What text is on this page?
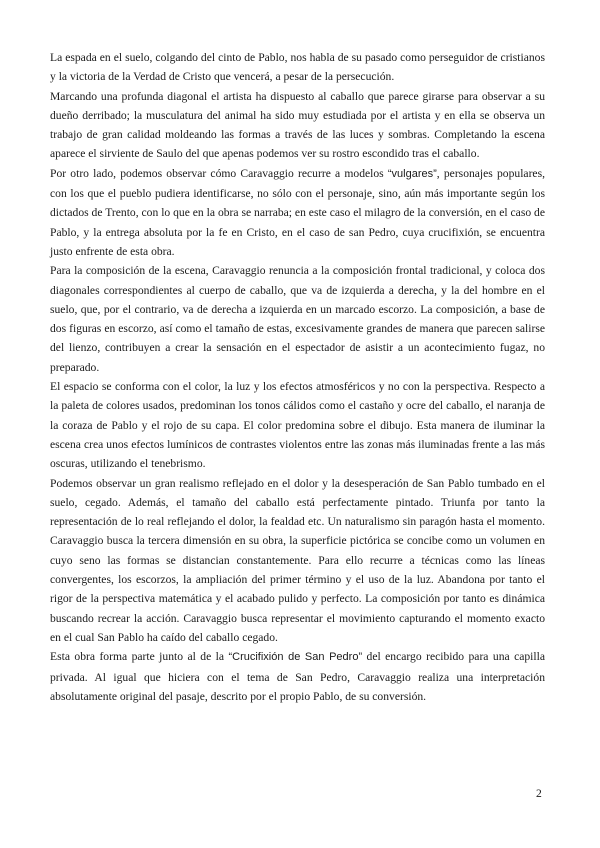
La espada en el suelo, colgando del cinto de Pablo, nos habla de su pasado como perseguidor de cristianos y la victoria de la Verdad de Cristo que vencerá, a pesar de la persecución.

Marcando una profunda diagonal el artista ha dispuesto al caballo que parece girarse para observar a su dueño derribado; la musculatura del animal ha sido muy estudiada por el artista y en ella se observa un trabajo de gran calidad moldeando las formas a través de las luces y sombras. Completando la escena aparece el sirviente de Saulo del que apenas podemos ver su rostro escondido tras el caballo.

Por otro lado, podemos observar cómo Caravaggio recurre a modelos “vulgares”, personajes populares, con los que el pueblo pudiera identificarse, no sólo con el personaje, sino, aún más importante según los dictados de Trento, con lo que en la obra se narraba; en este caso el milagro de la conversión, en el caso de Pablo, y la entrega absoluta por la fe en Cristo, en el caso de san Pedro, cuya crucifixión, se encuentra justo enfrente de esta obra.

Para la composición de la escena, Caravaggio renuncia a la composición frontal tradicional, y coloca dos diagonales correspondientes al cuerpo de caballo, que va de izquierda a derecha, y la del hombre en el suelo, que, por el contrario, va de derecha a izquierda en un marcado escorzo. La composición, a base de dos figuras en escorzo, así como el tamaño de estas, excesivamente grandes de manera que parecen salirse del lienzo, contribuyen a crear la sensación en el espectador de asistir a un acontecimiento fugaz, no preparado.

El espacio se conforma con el color, la luz y los efectos atmosféricos y no con la perspectiva. Respecto a la paleta de colores usados, predominan los tonos cálidos como el castaño y ocre del caballo, el naranja de la coraza de Pablo y el rojo de su capa. El color predomina sobre el dibujo. Esta manera de iluminar la escena crea unos efectos lumínicos de contrastes violentos entre las zonas más iluminadas frente a las más oscuras, utilizando el tenebrismo.

Podemos observar un gran realismo reflejado en el dolor y la desesperación de San Pablo tumbado en el suelo, cegado. Además, el tamaño del caballo está perfectamente pintado. Triunfa por tanto la representación de lo real reflejando el dolor, la fealdad etc. Un naturalismo sin paragón hasta el momento. Caravaggio busca la tercera dimensión en su obra, la superficie pictórica se concibe como un volumen en cuyo seno las formas se distancian constantemente. Para ello recurre a técnicas como las líneas convergentes, los escorzos, la ampliación del primer término y el uso de la luz. Abandona por tanto el rigor de la perspectiva matemática y el acabado pulido y perfecto. La composición por tanto es dinámica buscando recrear la acción. Caravaggio busca representar el movimiento capturando el momento exacto en el cual San Pablo ha caído del caballo cegado.

Esta obra forma parte junto al de la “Crucifixión de San Pedro” del encargo recibido para una capilla privada. Al igual que hiciera con el tema de San Pedro, Caravaggio realiza una interpretación absolutamente original del pasaje, descrito por el propio Pablo, de su conversión.

2
